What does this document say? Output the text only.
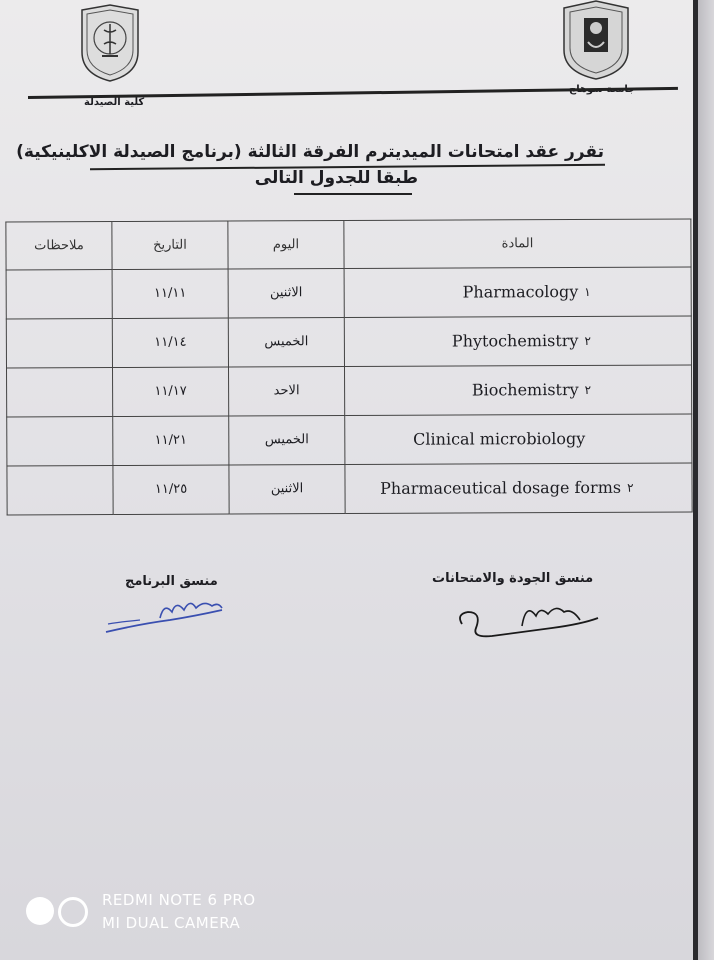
كلية الصيدلة
تقرر عقد امتحانات الميديترم الفرقة الثالثة (برنامج الصيدلة الاكلينيكية)
طبقا للجدول التالى
ملاحظات	التاريخ	اليوم	المادة
	١١/١١	الاثنين	Pharmacology ١

	١١/١٤	الخميس	Phytochemistry ٢

	١١/١٧	الاحد	Biochemistry ٢

	١١/٢١	الخميس	Clinical microbiology

	١١/٢٥	الاثنين	Pharmaceutical dosage forms ٢
منسق البرنامج	منسق الجودة والامتحانات
REDMI NOTE 6 PRO
MI DUAL CAMERA
